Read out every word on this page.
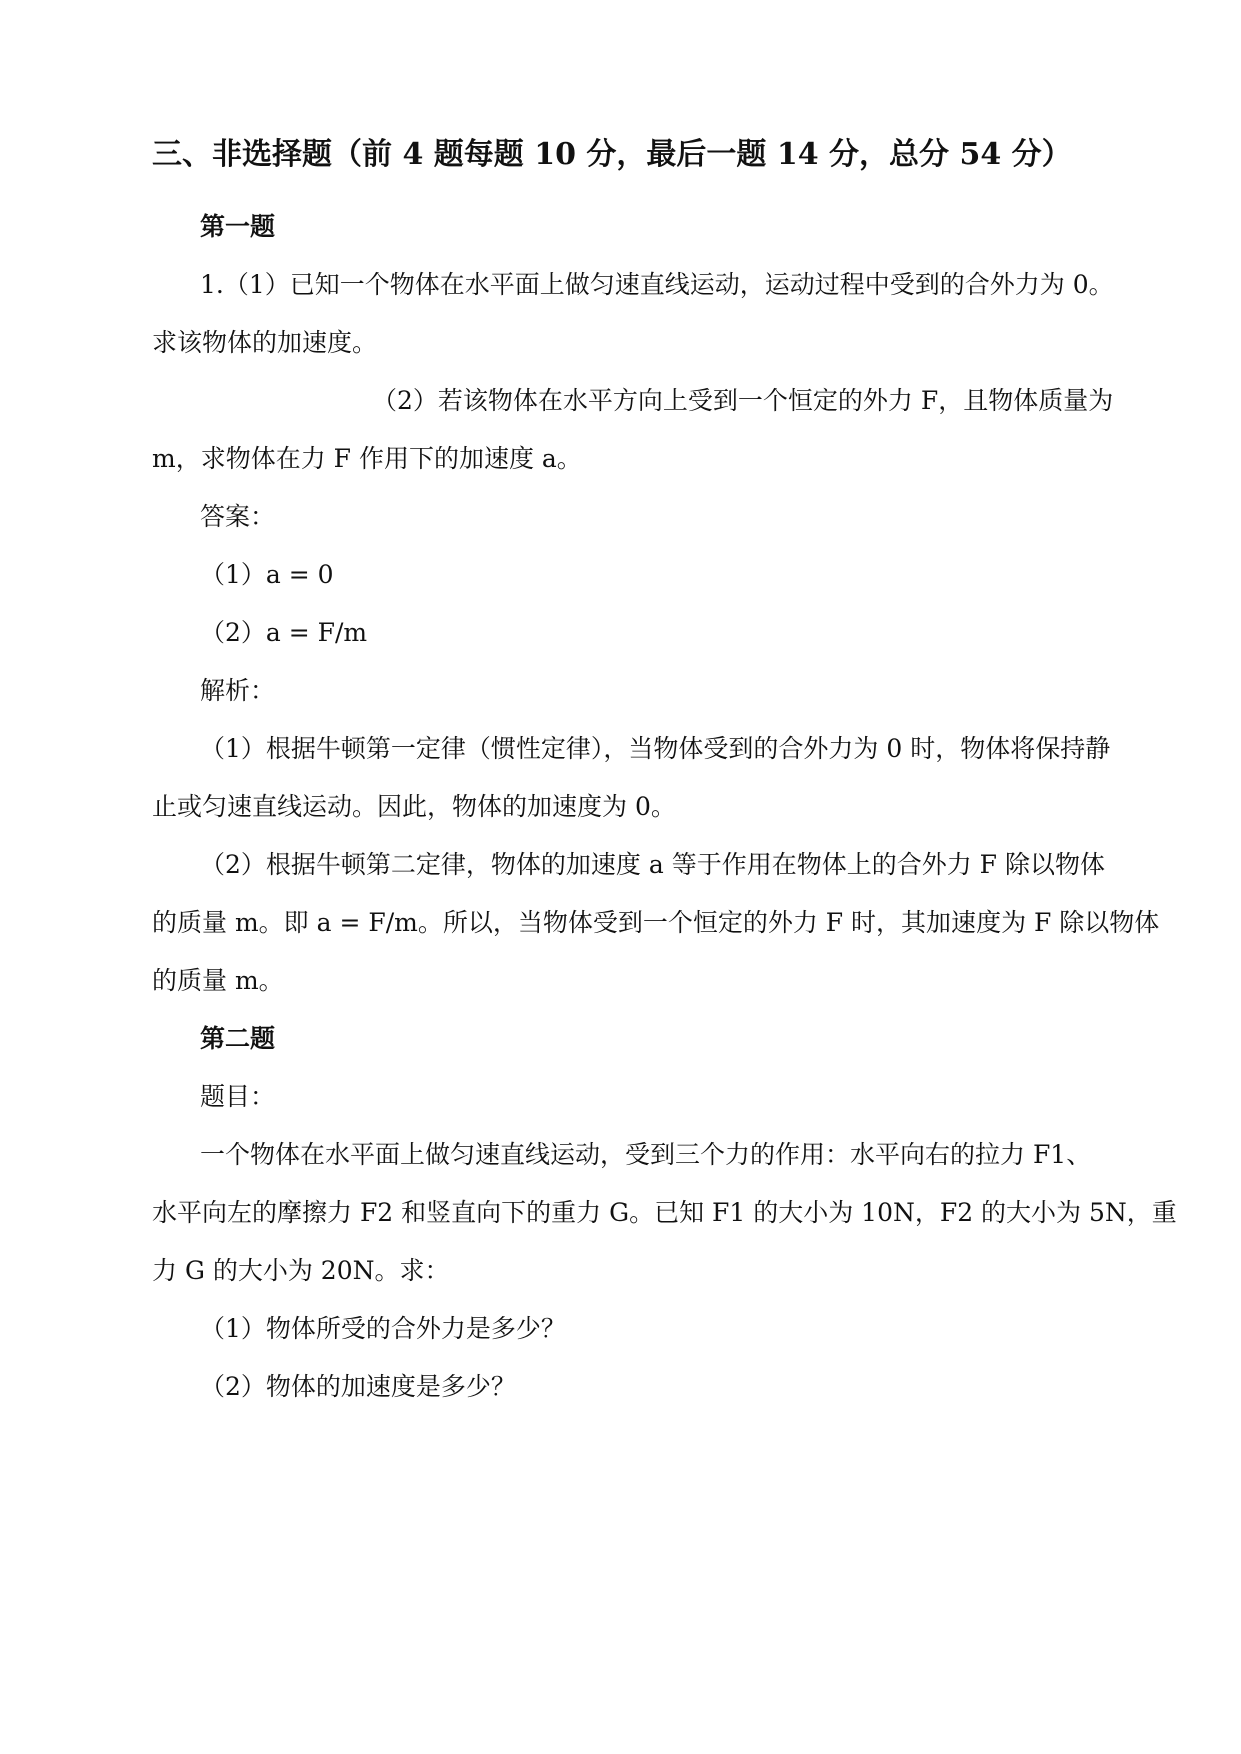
三、非选择题（前 4 题每题 10 分，最后一题 14 分，总分 54 分）
第一题
1.（1）已知一个物体在水平面上做匀速直线运动，运动过程中受到的合外力为 0。
求该物体的加速度。
（2）若该物体在水平方向上受到一个恒定的外力 F，且物体质量为
m，求物体在力 F 作用下的加速度 a。
答案：
（1）a = 0
（2）a = F/m
解析：
（1）根据牛顿第一定律（惯性定律），当物体受到的合外力为 0 时，物体将保持静
止或匀速直线运动。因此，物体的加速度为 0。
（2）根据牛顿第二定律，物体的加速度 a 等于作用在物体上的合外力 F 除以物体
的质量 m。即 a = F/m。所以，当物体受到一个恒定的外力 F 时，其加速度为 F 除以物体
的质量 m。
第二题
题目：
一个物体在水平面上做匀速直线运动，受到三个力的作用：水平向右的拉力 F1、
水平向左的摩擦力 F2 和竖直向下的重力 G。已知 F1 的大小为 10N，F2 的大小为 5N，重
力 G 的大小为 20N。求：
（1）物体所受的合外力是多少？
（2）物体的加速度是多少？
